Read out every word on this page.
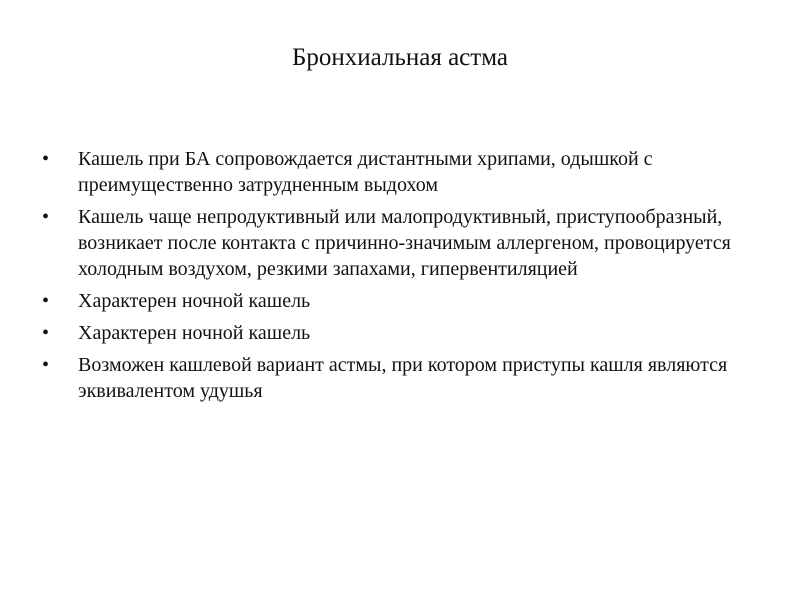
Бронхиальная астма
•	Кашель при БА сопровождается дистантными хрипами, одышкой с преимущественно затрудненным выдохом
•	Кашель чаще непродуктивный или малопродуктивный, приступообразный, возникает после контакта с причинно-значимым аллергеном, провоцируется холодным воздухом, резкими запахами, гипервентиляцией
•	Характерен ночной кашель
•	Характерен ночной кашель
•	Возможен кашлевой вариант астмы, при котором приступы кашля являются эквивалентом удушья
